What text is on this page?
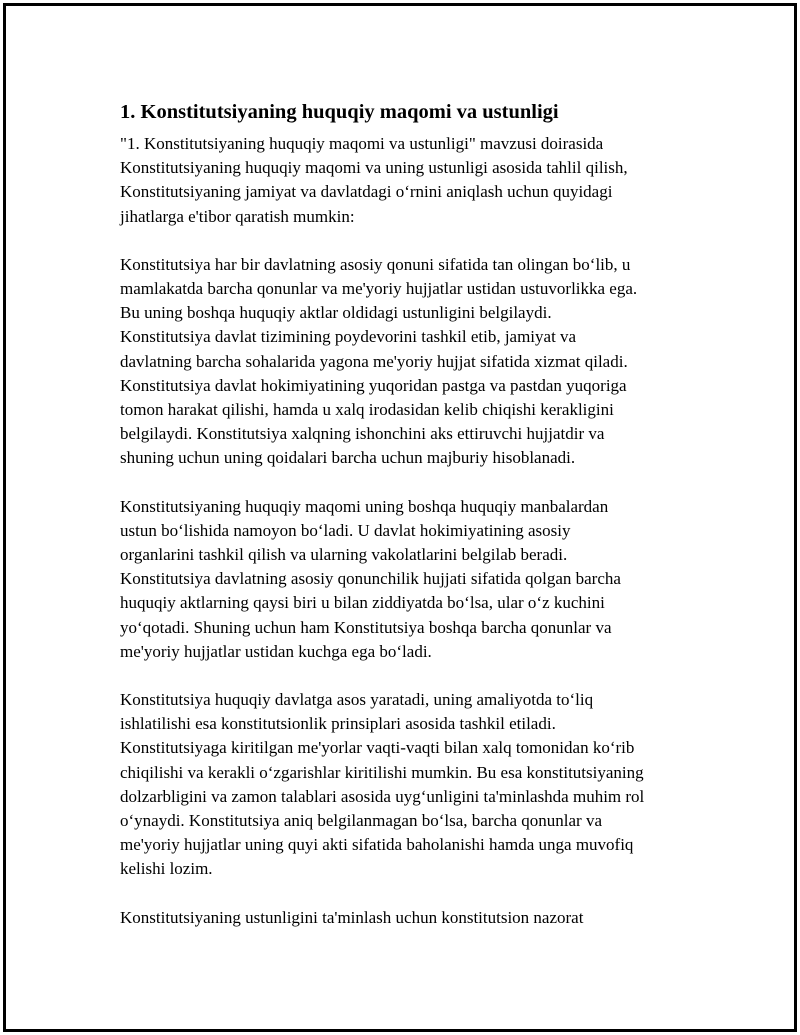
1. Konstitutsiyaning huquqiy maqomi va ustunligi

"1. Konstitutsiyaning huquqiy maqomi va ustunligi" mavzusi doirasida
Konstitutsiyaning huquqiy maqomi va uning ustunligi asosida tahlil qilish,
Konstitutsiyaning jamiyat va davlatdagi o‘rnini aniqlash uchun quyidagi
jihatlarga e'tibor qaratish mumkin:

Konstitutsiya har bir davlatning asosiy qonuni sifatida tan olingan bo‘lib, u
mamlakatda barcha qonunlar va me'yoriy hujjatlar ustidan ustuvorlikka ega.
Bu uning boshqa huquqiy aktlar oldidagi ustunligini belgilaydi.
Konstitutsiya davlat tizimining poydevorini tashkil etib, jamiyat va
davlatning barcha sohalarida yagona me'yoriy hujjat sifatida xizmat qiladi.
Konstitutsiya davlat hokimiyatining yuqoridan pastga va pastdan yuqoriga
tomon harakat qilishi, hamda u xalq irodasidan kelib chiqishi kerakligini
belgilaydi. Konstitutsiya xalqning ishonchini aks ettiruvchi hujjatdir va
shuning uchun uning qoidalari barcha uchun majburiy hisoblanadi.

Konstitutsiyaning huquqiy maqomi uning boshqa huquqiy manbalardan
ustun bo‘lishida namoyon bo‘ladi. U davlat hokimiyatining asosiy
organlarini tashkil qilish va ularning vakolatlarini belgilab beradi.
Konstitutsiya davlatning asosiy qonunchilik hujjati sifatida qolgan barcha
huquqiy aktlarning qaysi biri u bilan ziddiyatda bo‘lsa, ular o‘z kuchini
yo‘qotadi. Shuning uchun ham Konstitutsiya boshqa barcha qonunlar va
me'yoriy hujjatlar ustidan kuchga ega bo‘ladi.

Konstitutsiya huquqiy davlatga asos yaratadi, uning amaliyotda to‘liq
ishlatilishi esa konstitutsionlik prinsiplari asosida tashkil etiladi.
Konstitutsiyaga kiritilgan me'yorlar vaqti-vaqti bilan xalq tomonidan ko‘rib
chiqilishi va kerakli o‘zgarishlar kiritilishi mumkin. Bu esa konstitutsiyaning
dolzarbligini va zamon talablari asosida uyg‘unligini ta'minlashda muhim rol
o‘ynaydi. Konstitutsiya aniq belgilanmagan bo‘lsa, barcha qonunlar va
me'yoriy hujjatlar uning quyi akti sifatida baholanishi hamda unga muvofiq
kelishi lozim.

Konstitutsiyaning ustunligini ta'minlash uchun konstitutsion nazorat
